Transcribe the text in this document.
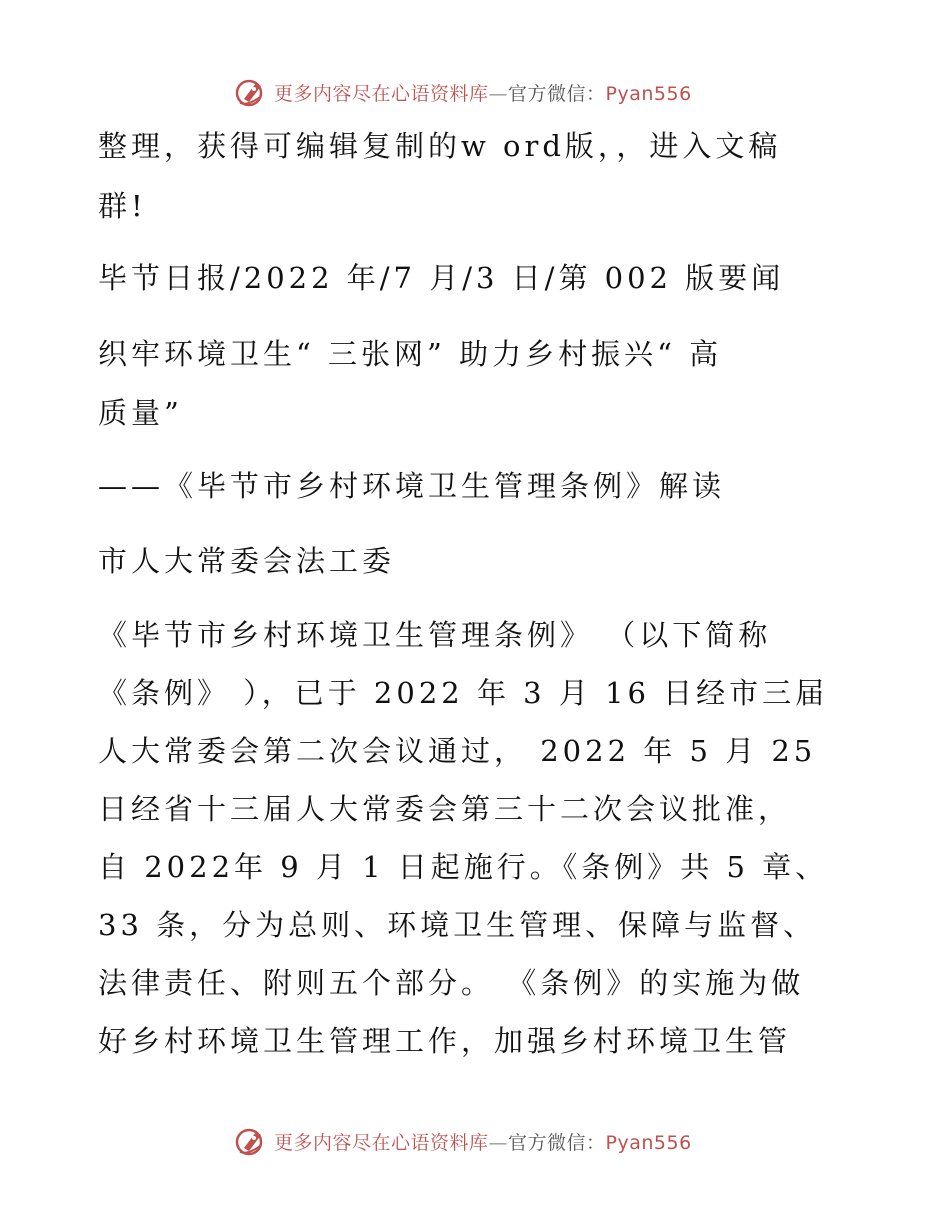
更多内容尽在心语资料库—官方微信：Pyan556

整理，获得可编辑复制的w ord版，，进入文稿

群!

毕节日报/2022 年/7 月/3 日/第 002 版要闻

织牢环境卫生“ 三张网” 助力乡村振兴“ 高

质量”

——《毕节市乡村环境卫生管理条例》解读

市人大常委会法工委

《毕节市乡村环境卫生管理条例》 （以下简称

《条例》 ），已于 2022 年 3 月 16 日经市三届

人大常委会第二次会议通过， 2022 年 5 月 25

日经省十三届人大常委会第三十二次会议批准，

自 2022年 9 月 1 日起施行。《条例》共 5 章、

33 条，分为总则、环境卫生管理、保障与监督、

法律责任、附则五个部分。 《条例》的实施为做

好乡村环境卫生管理工作，加强乡村环境卫生管

更多内容尽在心语资料库—官方微信：Pyan556
